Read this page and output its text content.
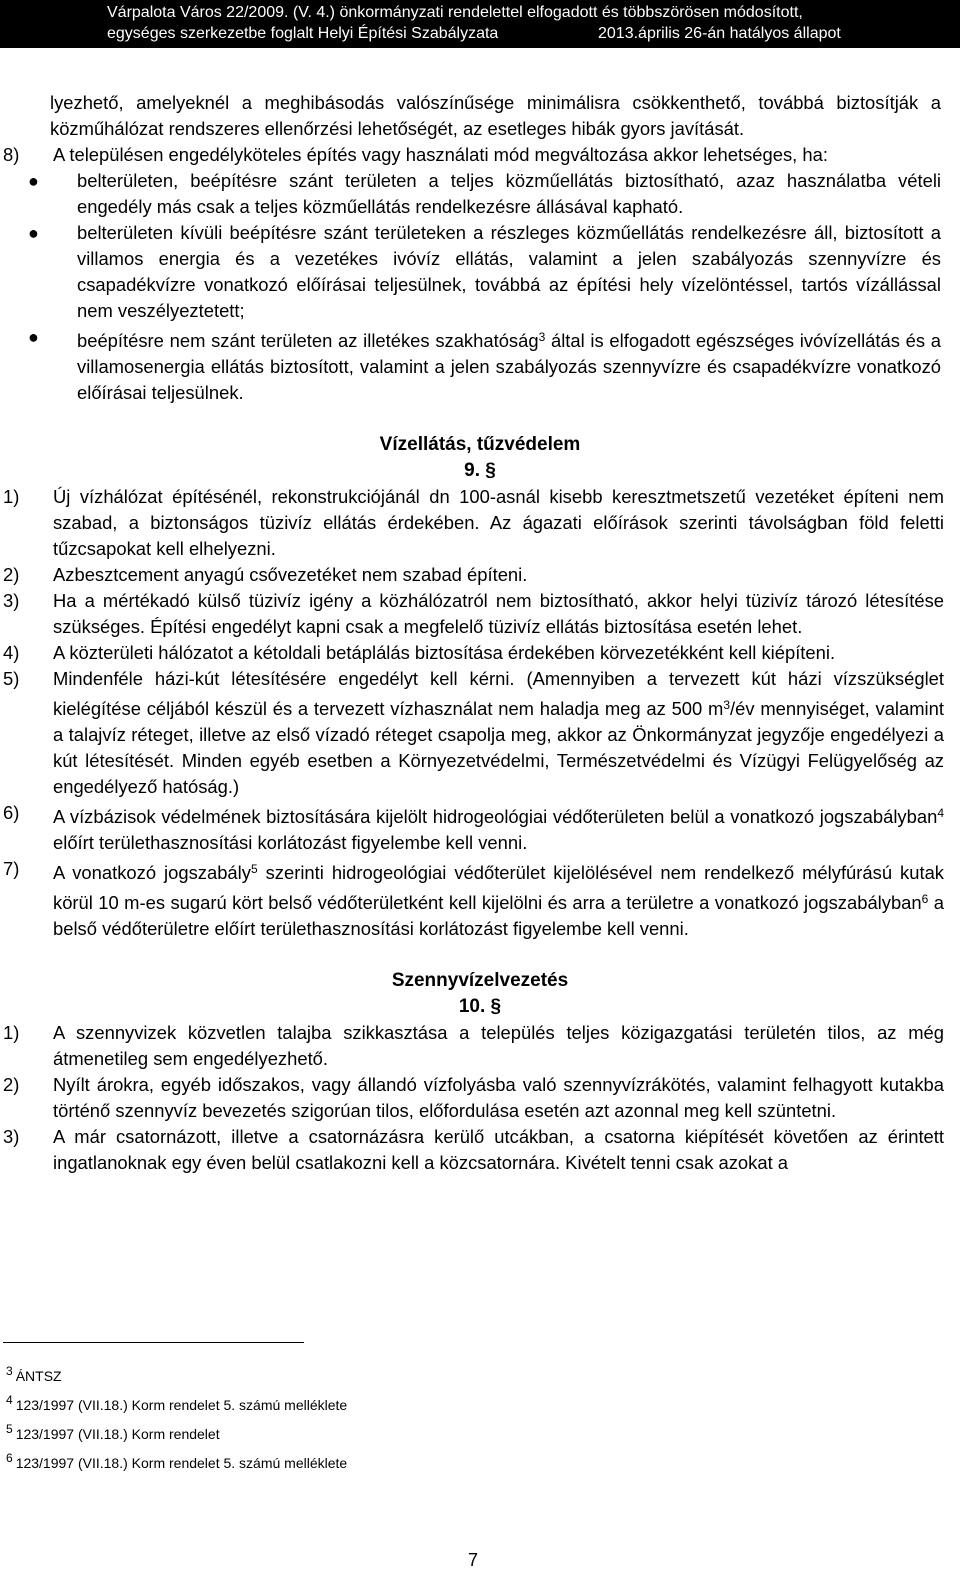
Várpalota Város 22/2009. (V. 4.) önkormányzati rendelettel elfogadott és többszörösen módosított,
egységes szerkezetbe foglalt Helyi Építési Szabályzata	2013.április 26-án hatályos állapot
lyezhető, amelyeknél a meghibásodás valószínűsége minimálisra csökkenthető, továbbá biztosítják a közműhálózat rendszeres ellenőrzési lehetőségét, az esetleges hibák gyors javítását.
8) A településen engedélyköteles építés vagy használati mód megváltozása akkor lehetséges, ha:
● belterületen, beépítésre szánt területen a teljes közműellátás biztosítható, azaz használatba vételi engedély más csak a teljes közműellátás rendelkezésre állásával kapható.
● belterületen kívüli beépítésre szánt területeken a részleges közműellátás rendelkezésre áll, biztosított a villamos energia és a vezetékes ivóvíz ellátás, valamint a jelen szabályozás szennyvízre és csapadékvízre vonatkozó előírásai teljesülnek, továbbá az építési hely vízelöntéssel, tartós vízállással nem veszélyeztetett;
● beépítésre nem szánt területen az illetékes szakhatóság$^3$ által is elfogadott egészséges ivóvízellátás és a villamosenergia ellátás biztosított, valamint a jelen szabályozás szennyvízre és csapadékvízre vonatkozó előírásai teljesülnek.
Vízellátás, tűzvédelem
9. §
1) Új vízhálózat építésénél, rekonstrukciójánál dn 100-asnál kisebb keresztmetszetű vezetéket építeni nem szabad, a biztonságos tüzivíz ellátás érdekében. Az ágazati előírások szerinti távolságban föld feletti tűzcsapokat kell elhelyezni.
2) Azbesztcement anyagú csővezetéket nem szabad építeni.
3) Ha a mértékadó külső tüzivíz igény a közhálózatról nem biztosítható, akkor helyi tüzivíz tározó létesítése szükséges. Építési engedélyt kapni csak a megfelelő tüzivíz ellátás biztosítása esetén lehet.
4) A közterületi hálózatot a kétoldali betáplálás biztosítása érdekében körvezetékként kell kiépíteni.
5) Mindenféle házi-kút létesítésére engedélyt kell kérni. (Amennyiben a tervezett kút házi vízszükséglet kielégítése céljából készül és a tervezett vízhasználat nem haladja meg az 500 $m^3/év$ mennyiséget, valamint a talajvíz réteget, illetve az első vízadó réteget csapolja meg, akkor az Önkormányzat jegyzője engedélyezi a kút létesítését. Minden egyéb esetben a Környezetvédelmi, Természetvédelmi és Vízügyi Felügyelőség az engedélyező hatóság.)
6) A vízbázisok védelmének biztosítására kijelölt hidrogeológiai védőterületen belül a vonatkozó jogszabályban$^4$ előírt területhasznosítási korlátozást figyelembe kell venni.
7) A vonatkozó jogszabály$^5$ szerinti hidrogeológiai védőterület kijelölésével nem rendelkező mélyfúrású kutak körül 10 m-es sugarú kört belső védőterületként kell kijelölni és arra a területre a vonatkozó jogszabályban$^6$ a belső védőterületre előírt területhasznosítási korlátozást figyelembe kell venni.
Szennyvízelvezetés
10. §
1) A szennyvizek közvetlen talajba szikkasztása a település teljes közigazgatási területén tilos, az még átmenetileg sem engedélyezhető.
2) Nyílt árokra, egyéb időszakos, vagy állandó vízfolyásba való szennyvízrákötés, valamint felhagyott kutakba történő szennyvíz bevezetés szigorúan tilos, előfordulása esetén azt azonnal meg kell szüntetni.
3) A már csatornázott, illetve a csatornázásra kerülő utcákban, a csatorna kiépítését követően az érintett ingatlanoknak egy éven belül csatlakozni kell a közcsatornára. Kivételt tenni csak azokat a
$^3$ ÁNTSZ
$^4$ 123/1997 (VII.18.) Korm rendelet 5. számú melléklete
$^5$ 123/1997 (VII.18.) Korm rendelet
$^6$ 123/1997 (VII.18.) Korm rendelet 5. számú melléklete
7
